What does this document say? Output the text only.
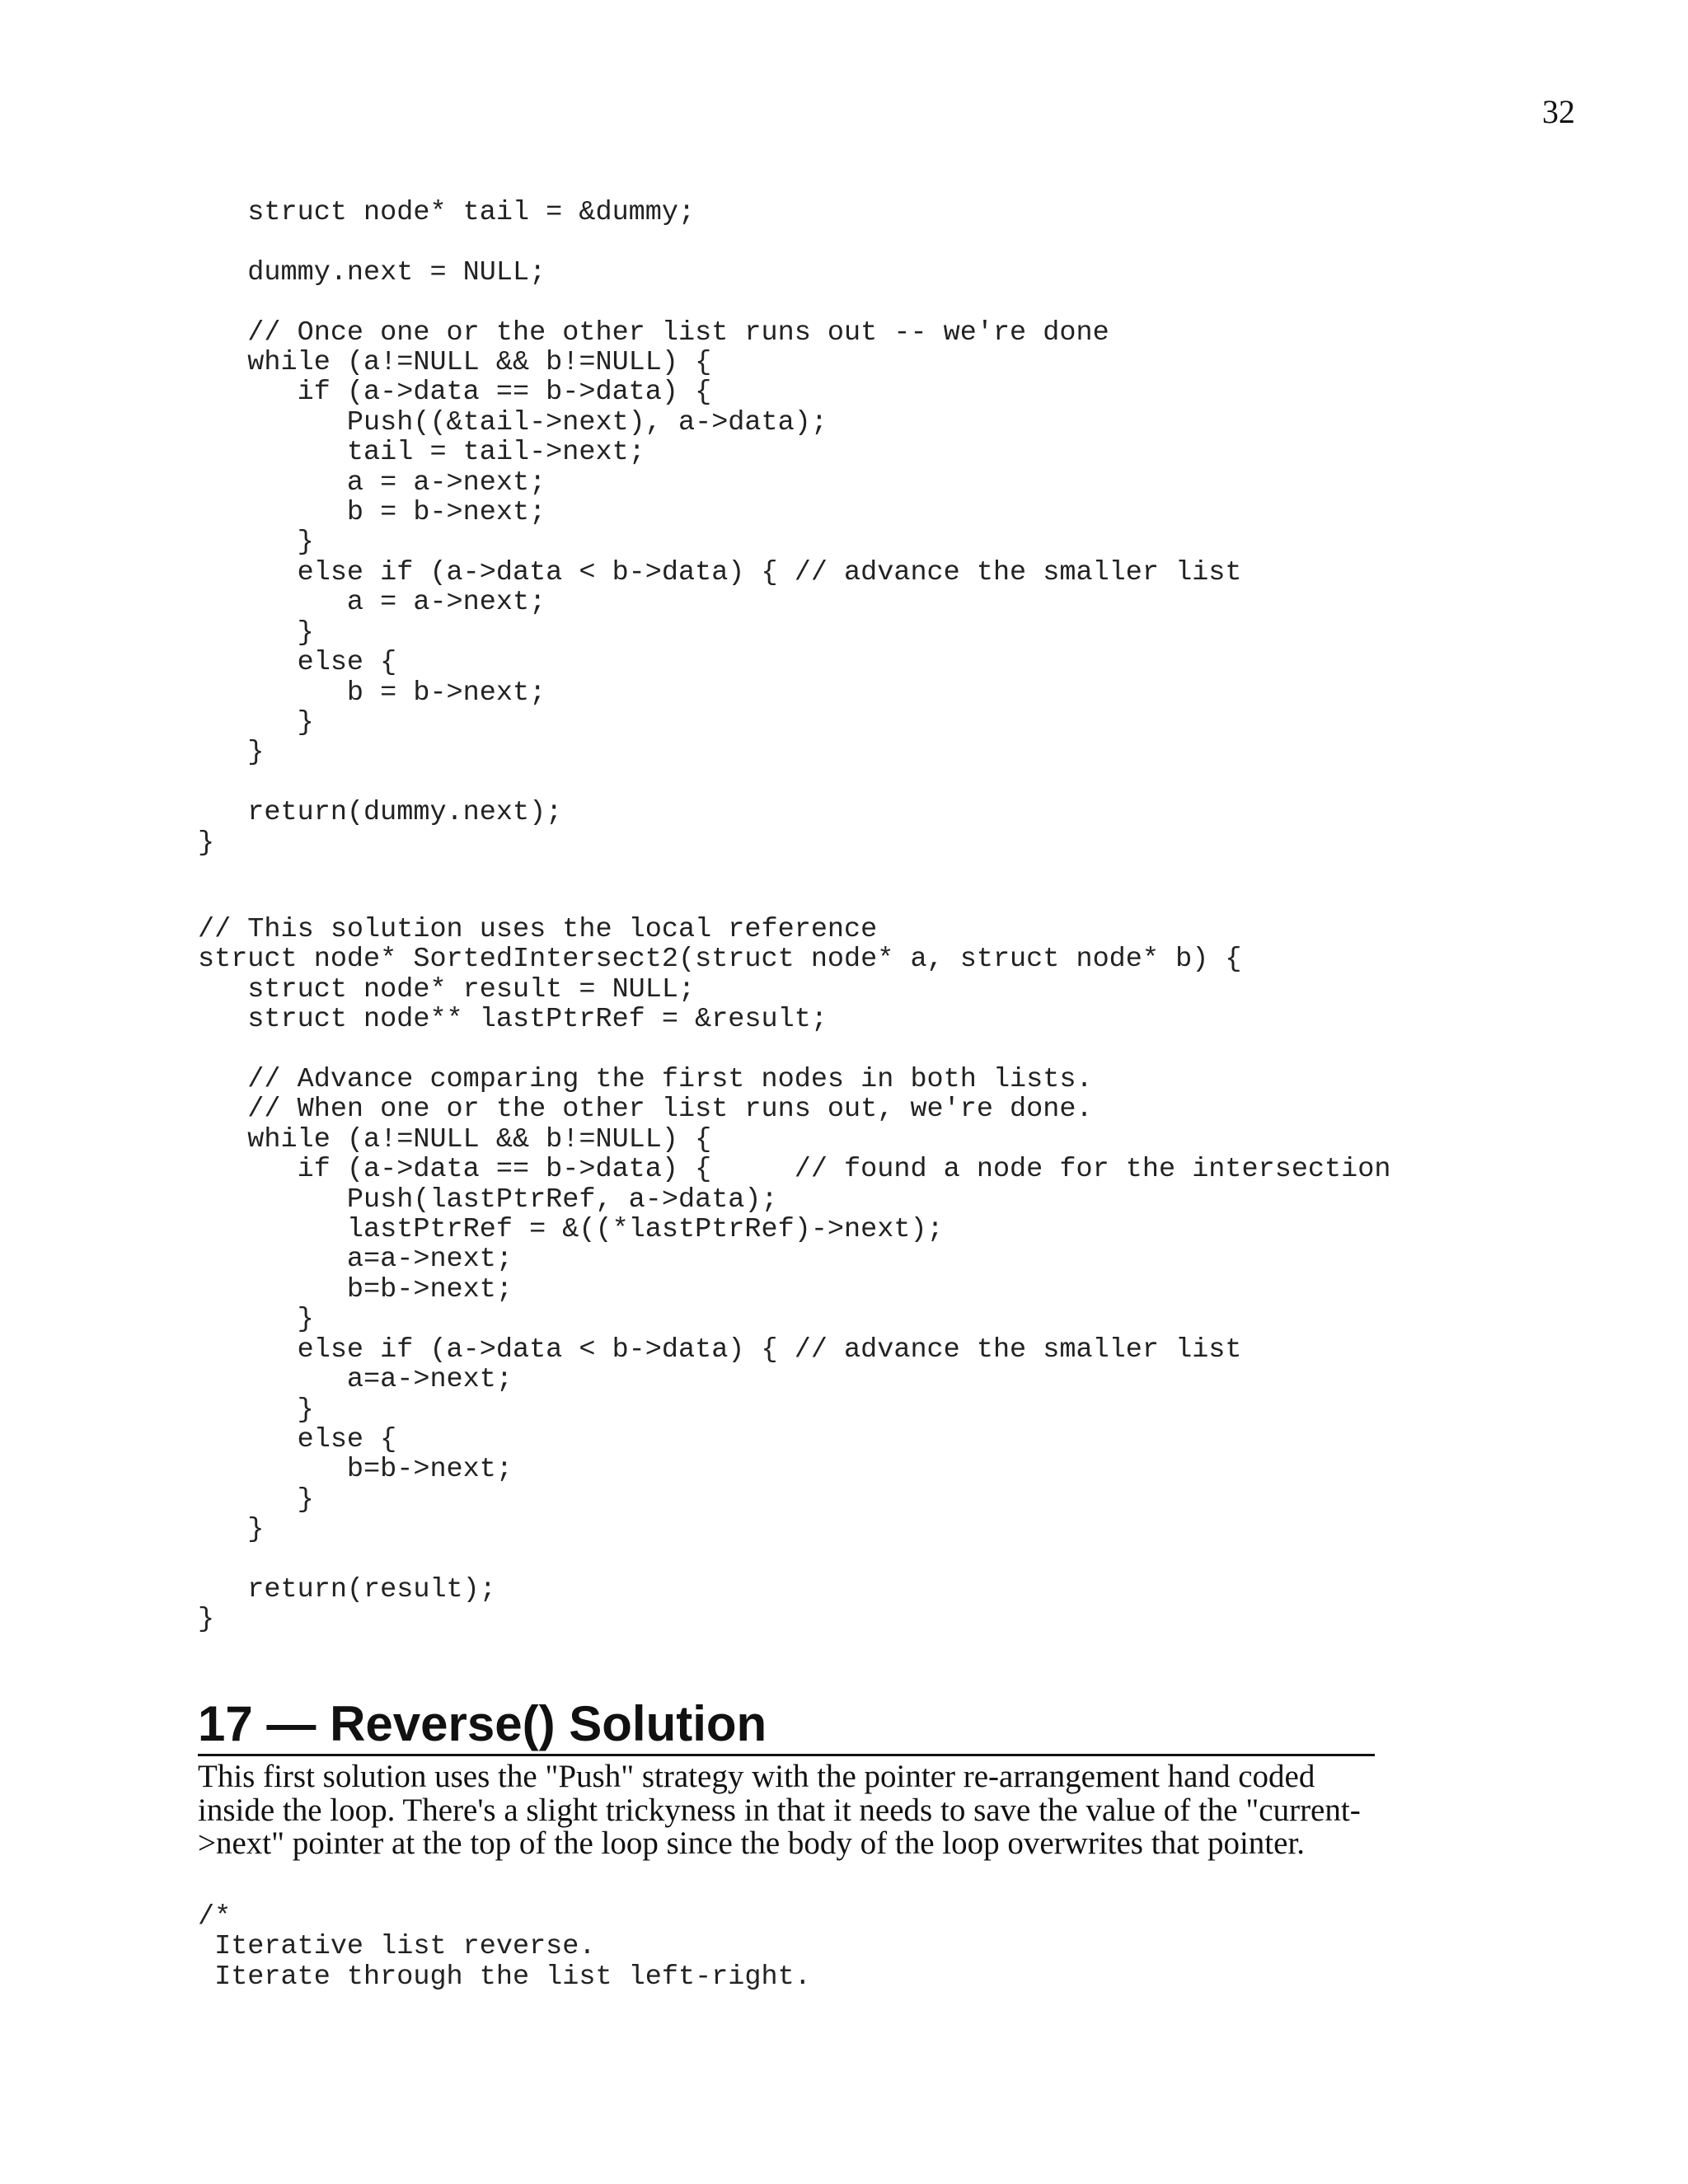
32
struct node* tail = &dummy;

dummy.next = NULL;

// Once one or the other list runs out -- we're done
while (a!=NULL && b!=NULL) {
if (a->data == b->data) {
Push((&tail->next), a->data);
tail = tail->next;
a = a->next;
b = b->next;
}
else if (a->data < b->data) { // advance the smaller list
a = a->next;
}
else {
b = b->next;
}
}

return(dummy.next);
}
// This solution uses the local reference
struct node* SortedIntersect2(struct node* a, struct node* b) {
struct node* result = NULL;
struct node** lastPtrRef = &result;

// Advance comparing the first nodes in both lists.
// When one or the other list runs out, we're done.
while (a!=NULL && b!=NULL) {
if (a->data == b->data) {     // found a node for the intersection
Push(lastPtrRef, a->data);
lastPtrRef = &((*lastPtrRef)->next);
a=a->next;
b=b->next;
}
else if (a->data < b->data) { // advance the smaller list
a=a->next;
}
else {
b=b->next;
}
}

return(result);
}
17 — Reverse() Solution

This first solution uses the "Push" strategy with the pointer re-arrangement hand coded inside the loop. There's a slight trickyness in that it needs to save the value of the "current->next" pointer at the top of the loop since the body of the loop overwrites that pointer.

/*
Iterative list reverse.
Iterate through the list left-right.
